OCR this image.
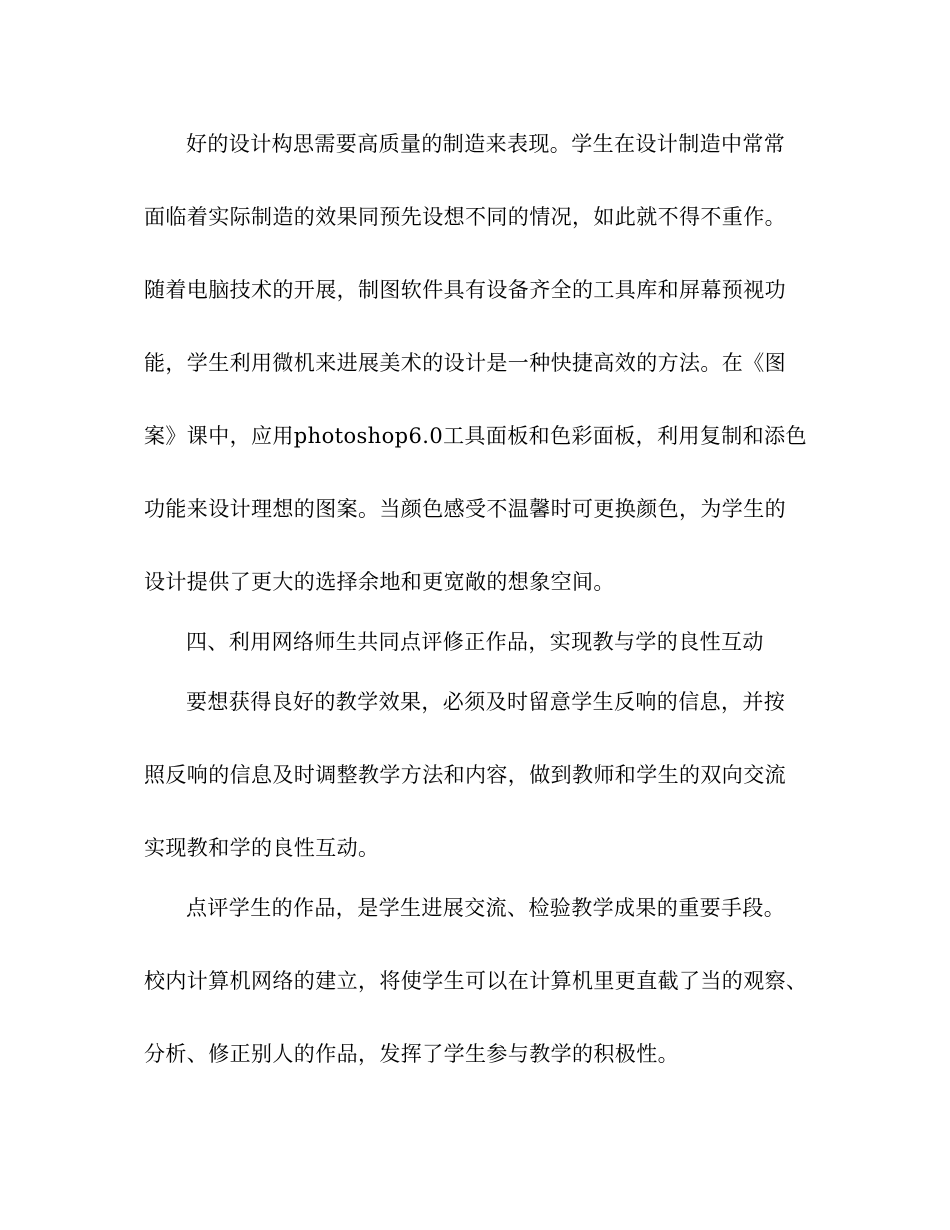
好的设计构思需要高质量的制造来表现。学生在设计制造中常常
面临着实际制造的效果同预先设想不同的情况，如此就不得不重作。
随着电脑技术的开展，制图软件具有设备齐全的工具库和屏幕预视功
能，学生利用微机来进展美术的设计是一种快捷高效的方法。在《图
案》课中，应用photoshop6.0工具面板和色彩面板，利用复制和添色
功能来设计理想的图案。当颜色感受不温馨时可更换颜色，为学生的
设计提供了更大的选择余地和更宽敞的想象空间。
四、利用网络师生共同点评修正作品，实现教与学的良性互动
要想获得良好的教学效果，必须及时留意学生反响的信息，并按
照反响的信息及时调整教学方法和内容，做到教师和学生的双向交流
实现教和学的良性互动。
点评学生的作品，是学生进展交流、检验教学成果的重要手段。
校内计算机网络的建立，将使学生可以在计算机里更直截了当的观察、
分析、修正别人的作品，发挥了学生参与教学的积极性。
